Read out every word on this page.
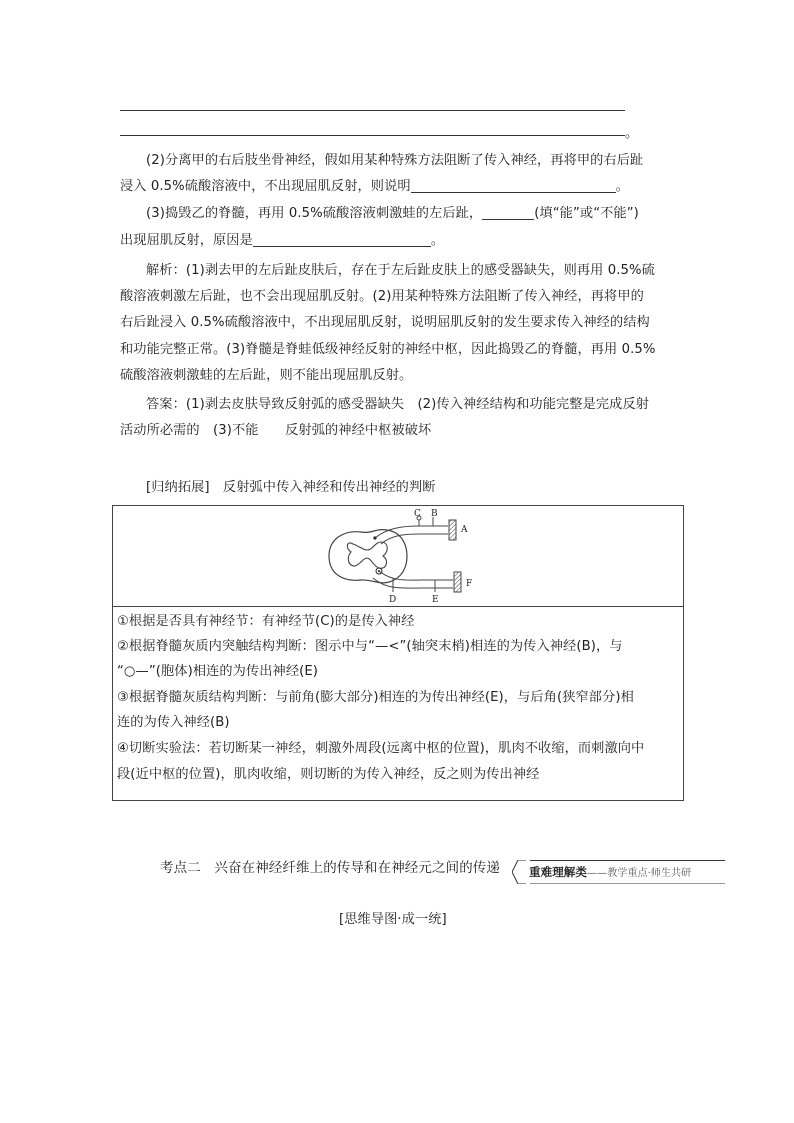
。
(2)分离甲的右后肢坐骨神经，假如用某种特殊方法阻断了传入神经，再将甲的右后趾
浸入 0.5%硫酸溶液中，不出现屈肌反射，则说明	。
(3)捣毁乙的脊髓，再用 0.5%硫酸溶液刺激蛙的左后趾，	(填“能”或“不能”)
出现屈肌反射，原因是	。
解析：(1)剥去甲的左后趾皮肤后，存在于左后趾皮肤上的感受器缺失，则再用 0.5%硫
酸溶液刺激左后趾，也不会出现屈肌反射。(2)用某种特殊方法阻断了传入神经，再将甲的
右后趾浸入 0.5%硫酸溶液中，不出现屈肌反射，说明屈肌反射的发生要求传入神经的结构
和功能完整正常。(3)脊髓是脊蛙低级神经反射的神经中枢，因此捣毁乙的脊髓，再用 0.5%
硫酸溶液刺激蛙的左后趾，则不能出现屈肌反射。
答案：(1)剥去皮肤导致反射弧的感受器缺失　(2)传入神经结构和功能完整是完成反射
活动所必需的　(3)不能　　反射弧的神经中枢被破坏
[归纳拓展]　反射弧中传入神经和传出神经的判断
C B
A
D	E
F
①根据是否具有神经节：有神经节(C)的是传入神经
②根据脊髓灰质内突触结构判断：图示中与“—<”(轴突末梢)相连的为传入神经(B)，与
“○—”(胞体)相连的为传出神经(E)
③根据脊髓灰质结构判断：与前角(膨大部分)相连的为传出神经(E)，与后角(狭窄部分)相
连的为传入神经(B)
④切断实验法：若切断某一神经，刺激外周段(远离中枢的位置)，肌肉不收缩，而刺激向中
段(近中枢的位置)，肌肉收缩，则切断的为传入神经，反之则为传出神经
考点二　兴奋在神经纤维上的传导和在神经元之间的传递	重难理解类——教学重点·师生共研
[思维导图·成一统]
